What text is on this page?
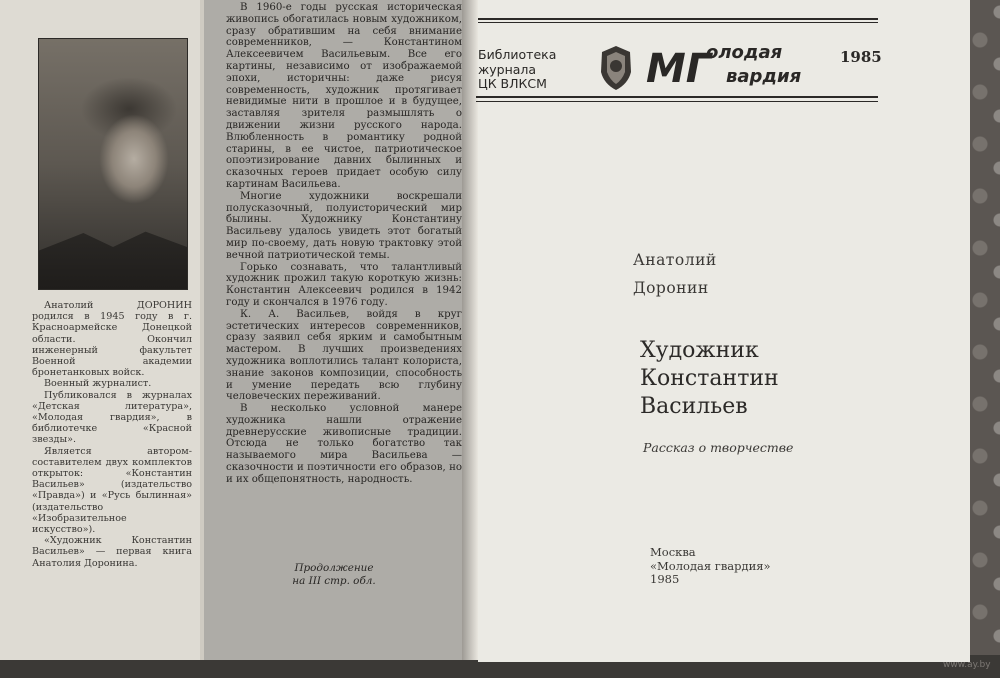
Анатолий ДОРОНИН родился в 1945 году в г. Красноармейске Донецкой области. Окончил инженерный факультет Военной академии бронетанковых войск.

Военный журналист.

Публиковался в журналах «Детская литература», «Молодая гвардия», в библиотечке «Красной звезды».

Является автором-составителем двух комплектов открыток: «Константин Васильев» (издательство «Правда») и «Русь былинная» (издательство «Изобразительное искусство»).

«Художник Константин Васильев» — первая книга Анатолия Доронина.

В 1960-е годы русская историческая живопись обогатилась новым художником, сразу обратившим на себя внимание современников, — Константином Алексеевичем Васильевым. Все его картины, независимо от изображаемой эпохи, историчны: даже рисуя современность, художник протягивает невидимые нити в прошлое и в будущее, заставляя зрителя размышлять о движении жизни русского народа. Влюбленность в романтику родной старины, в ее чистое, патриотическое опоэтизирование давних былинных и сказочных героев придает особую силу картинам Васильева.

Многие художники воскрешали полусказочный, полуисторический мир былины. Художнику Константину Васильеву удалось увидеть этот богатый мир по-своему, дать новую трактовку этой вечной патриотической темы.

Горько сознавать, что талантливый художник прожил такую короткую жизнь: Константин Алексеевич родился в 1942 году и скончался в 1976 году.

К. А. Васильев, войдя в круг эстетических интересов современников, сразу заявил себя ярким и самобытным мастером. В лучших произведениях художника воплотились талант колориста, знание законов композиции, способность и умение передать всю глубину человеческих переживаний.

В несколько условной манере художника нашли отражение древнерусские живописные традиции. Отсюда не только богатство так называемого мира Васильева — сказочности и поэтичности его образов, но и их общепонятность, народность.

Продолжение
на III стр. обл.
Библиотека
журнала
ЦК ВЛКСМ МГ
олодая
вардия
1985
Анатолий
Доронин
Художник
Константин
Васильев
Рассказ о творчестве
Москва
«Молодая гвардия»
1985
www.ay.by
